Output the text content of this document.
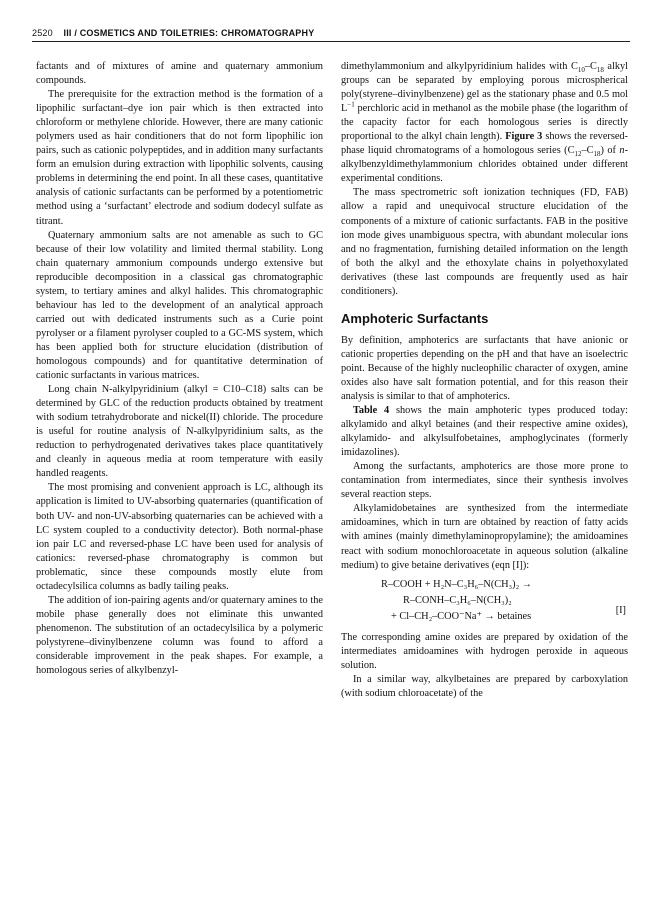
2520 III / COSMETICS AND TOILETRIES: CHROMATOGRAPHY

factants and of mixtures of amine and quaternary ammonium compounds.

The prerequisite for the extraction method is the formation of a lipophilic surfactant–dye ion pair which is then extracted into chloroform or methylene chloride. However, there are many cationic polymers used as hair conditioners that do not form lipophilic ion pairs, such as cationic polypeptides, and in addition many surfactants form an emulsion during extraction with lipophilic solvents, causing problems in determining the end point. In all these cases, quantitative analysis of cationic surfactants can be performed by a potentiometric method using a ‘surfactant’ electrode and sodium dodecyl sulfate as titrant.

Quaternary ammonium salts are not amenable as such to GC because of their low volatility and limited thermal stability. Long chain quaternary ammonium compounds undergo extensive but reproducible decomposition in a classical gas chromatographic system, to tertiary amines and alkyl halides. This chromatographic behaviour has led to the development of an analytical approach carried out with dedicated instruments such as a Curie point pyrolyser or a filament pyrolyser coupled to a GC-MS system, which has been applied both for structure elucidation (distribution of homologous compounds) and for quantitative determination of cationic surfactants in various matrices.

Long chain N-alkylpyridinium (alkyl = C10–C18) salts can be determined by GLC of the reduction products obtained by treatment with sodium tetrahydroborate and nickel(II) chloride. The procedure is useful for routine analysis of N-alkylpyridinium salts, as the reduction to perhydrogenated derivatives takes place quantitatively and cleanly in aqueous media at room temperature with easily handled reagents.

The most promising and convenient approach is LC, although its application is limited to UV-absorbing quaternaries (quantification of both UV- and non-UV-absorbing quaternaries can be achieved with a LC system coupled to a conductivity detector). Both normal-phase ion pair LC and reversed-phase LC have been used for analysis of cationics: reversed-phase chromatography is common but problematic, since these compounds mostly elute from octadecylsilica columns as badly tailing peaks.

The addition of ion-pairing agents and/or quaternary amines to the mobile phase generally does not eliminate this unwanted phenomenon. The substitution of an octadecylsilica by a polymeric polystyrene–divinylbenzene column was found to afford a considerable improvement in the peak shapes. For example, a homologous series of alkylbenzyl-

dimethylammonium and alkylpyridinium halides with $C_{10}-C_{18}$ alkyl groups can be separated by employing porous microspherical poly(styrene–divinylbenzene) gel as the stationary phase and 0.5 mol $L^{-1}$ perchloric acid in methanol as the mobile phase (the logarithm of the capacity factor for each homologous series is directly proportional to the alkyl chain length). Figure 3 shows the reversed-phase liquid chromatograms of a homologous series $(C_{12}-C_{18})$ of n-alkylbenzyldimethylammonium chlorides obtained under different experimental conditions.

The mass spectrometric soft ionization techniques (FD, FAB) allow a rapid and unequivocal structure elucidation of the components of a mixture of cationic surfactants. FAB in the positive ion mode gives unambiguous spectra, with abundant molecular ions and no fragmentation, furnishing detailed information on the length of both the alkyl and the ethoxylate chains in polyethoxylated derivatives (these last compounds are frequently used as hair conditioners).

Amphoteric Surfactants

By definition, amphoterics are surfactants that have anionic or cationic properties depending on the pH and that have an isoelectric point. Because of the highly nucleophilic character of oxygen, amine oxides also have salt formation potential, and for this reason their analysis is similar to that of amphoterics.

Table 4 shows the main amphoteric types produced today: alkylamido and alkyl betaines (and their respective amine oxides), alkylamido- and alkylsulfobetaines, amphoglycinates (formerly imidazolines).

Among the surfactants, amphoterics are those more prone to contamination from intermediates, since their synthesis involves several reaction steps.

Alkylamidobetaines are synthesized from the intermediate amidoamines, which in turn are obtained by reaction of fatty acids with amines (mainly dimethylaminopropylamine); the amidoamines react with sodium monochloroacetate in aqueous solution (alkaline medium) to give betaine derivatives (eqn [I]):

R–COOH + H₂N–C₃H₆–N(CH₃)₂ →
R–CONH–C₃H₆–N(CH₃)₂
+ Cl–CH₂–COO⁻Na⁺ → betaines
[I]

The corresponding amine oxides are prepared by oxidation of the intermediates amidoamines with hydrogen peroxide in aqueous solution.

In a similar way, alkylbetaines are prepared by carboxylation (with sodium chloroacetate) of the
